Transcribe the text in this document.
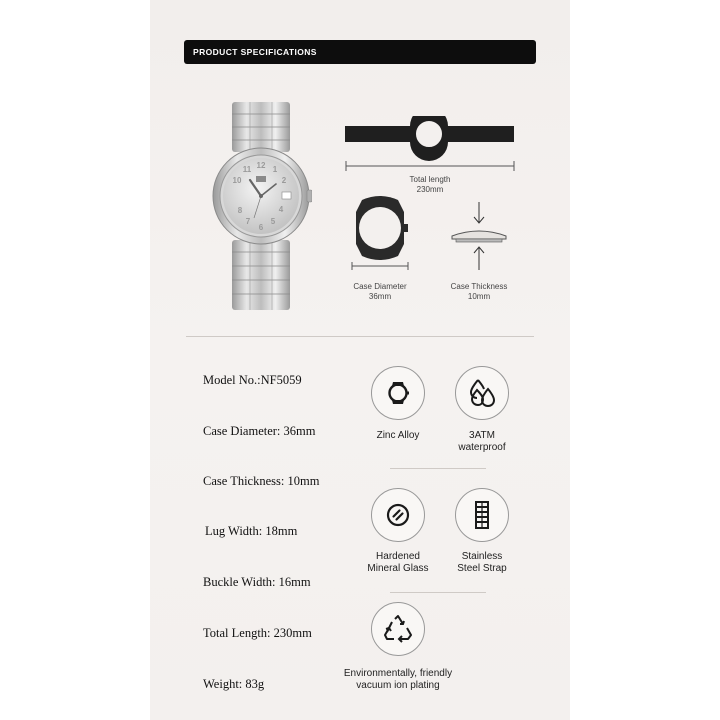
PRODUCT SPECIFICATIONS
12 1
2
4
5
6
7
8
10
11
Total length
230mm
Case Diameter
36mm
Case Thickness
10mm
Model No.:NF5059
Case Diameter: 36mm
Case Thickness: 10mm
Lug Width: 18mm
Buckle Width: 16mm
Total Length: 230mm
Weight: 83g
Zinc Alloy	3ATM
waterproof
Hardened
Mineral Glass
Stainless
Steel Strap
Environmentally, friendly
vacuum ion plating
